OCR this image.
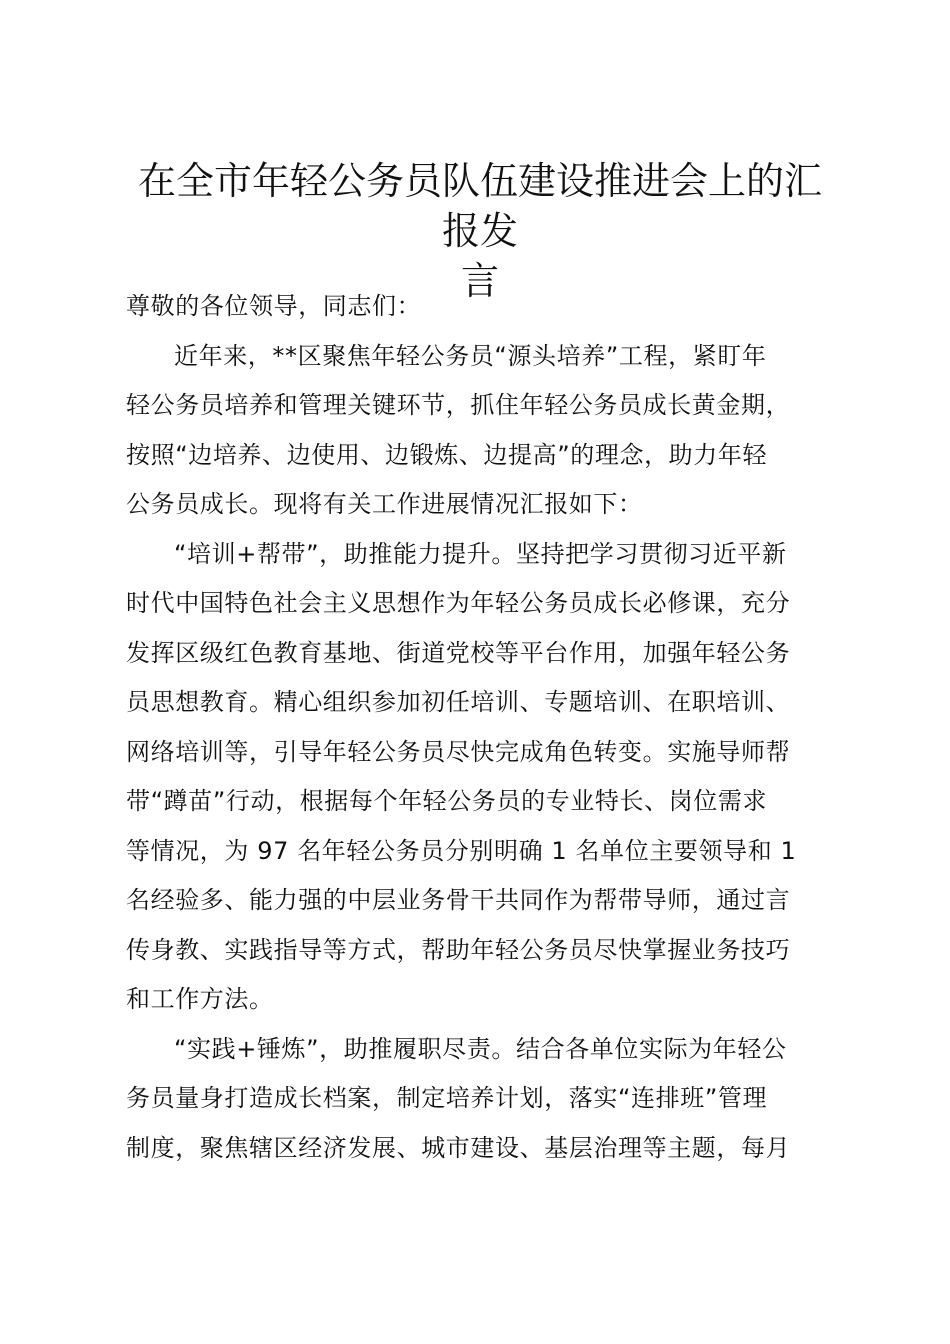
在全市年轻公务员队伍建设推进会上的汇报发
言
尊敬的各位领导，同志们：
近年来，**区聚焦年轻公务员“源头培养”工程，紧盯年
轻公务员培养和管理关键环节，抓住年轻公务员成长黄金期，
按照“边培养、边使用、边锻炼、边提高”的理念，助力年轻
公务员成长。现将有关工作进展情况汇报如下：
“培训+帮带”，助推能力提升。坚持把学习贯彻习近平新
时代中国特色社会主义思想作为年轻公务员成长必修课，充分
发挥区级红色教育基地、街道党校等平台作用，加强年轻公务
员思想教育。精心组织参加初任培训、专题培训、在职培训、
网络培训等，引导年轻公务员尽快完成角色转变。实施导师帮
带“蹲苗”行动，根据每个年轻公务员的专业特长、岗位需求
等情况，为 97 名年轻公务员分别明确 1 名单位主要领导和 1
名经验多、能力强的中层业务骨干共同作为帮带导师，通过言
传身教、实践指导等方式，帮助年轻公务员尽快掌握业务技巧
和工作方法。
“实践+锤炼”，助推履职尽责。结合各单位实际为年轻公
务员量身打造成长档案，制定培养计划，落实“连排班”管理
制度，聚焦辖区经济发展、城市建设、基层治理等主题，每月
